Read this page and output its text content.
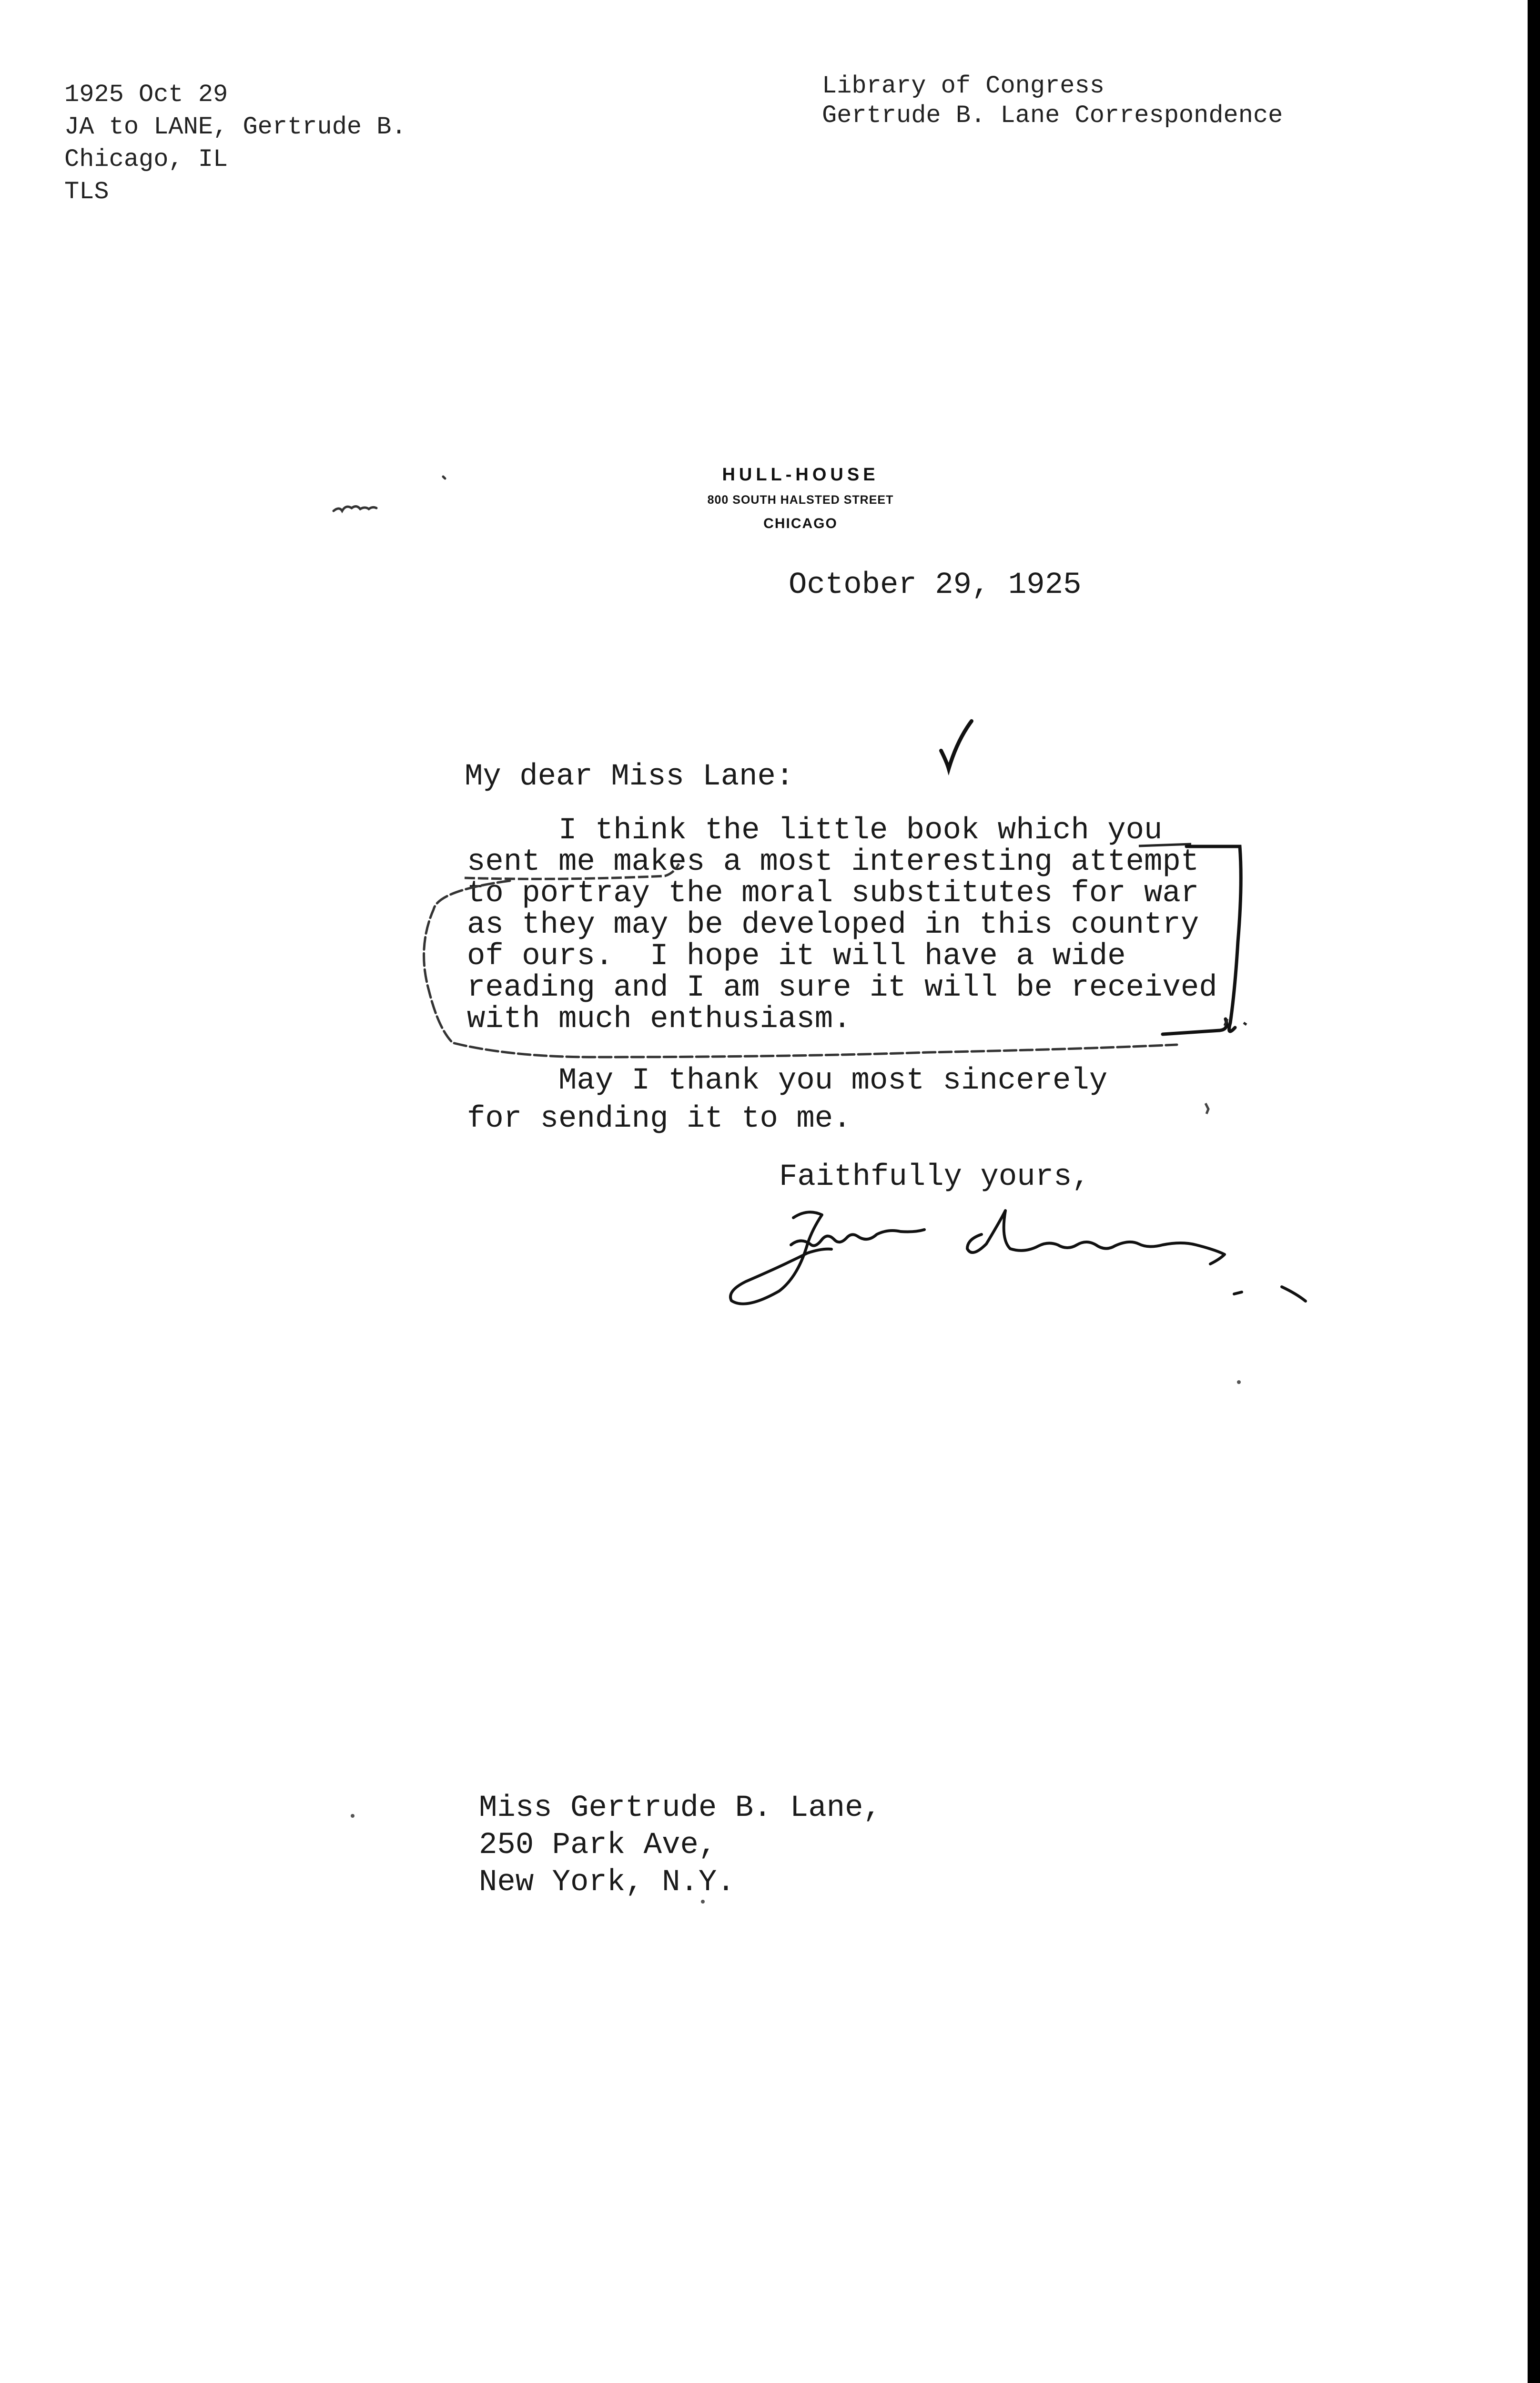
1925 Oct 29
JA to LANE, Gertrude B.
Chicago, IL
TLS
Library of Congress
Gertrude B. Lane Correspondence
HULL-HOUSE
800 SOUTH HALSTED STREET
CHICAGO
October 29, 1925
My dear Miss Lane:
I think the little book which you
sent me makes a most interesting attempt
to portray the moral substitutes for war
as they may be developed in this country
of ours.  I hope it will have a wide
reading and I am sure it will be received
with much enthusiasm.
May I thank you most sincerely
for sending it to me.
Faithfully yours,
Miss Gertrude B. Lane,
250 Park Ave,
New York, N.Y.
